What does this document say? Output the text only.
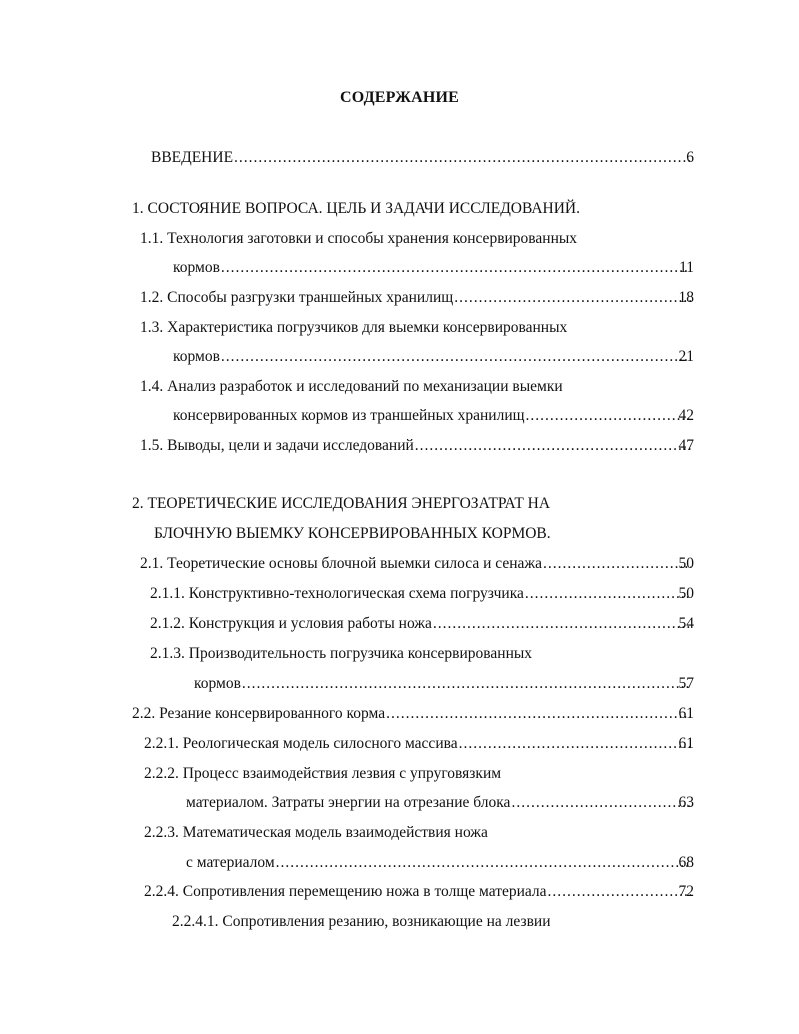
СОДЕРЖАНИЕ
ВВЕДЕНИЕ .....	6
1. СОСТОЯНИЕ ВОПРОСА. ЦЕЛЬ И ЗАДАЧИ ИССЛЕДОВАНИЙ.
1.1. Технология заготовки и способы хранения консервированных
кормов .....	11
1.2. Способы разгрузки траншейных хранилищ .....	18
1.3. Характеристика погрузчиков для выемки консервированных
кормов .....	21
1.4. Анализ разработок и исследований по механизации выемки
консервированных кормов из траншейных хранилищ .....	42
1.5. Выводы, цели и задачи исследований .....	47
2. ТЕОРЕТИЧЕСКИЕ ИССЛЕДОВАНИЯ ЭНЕРГОЗАТРАТ НА
БЛОЧНУЮ ВЫЕМКУ КОНСЕРВИРОВАННЫХ КОРМОВ.
2.1. Теоретические основы блочной выемки силоса и сенажа .....	50
2.1.1. Конструктивно-технологическая схема погрузчика .....	50
2.1.2. Конструкция и условия работы ножа .....	54
2.1.3. Производительность погрузчика консервированных
кормов .....	57
2.2. Резание консервированного корма .....	61
2.2.1. Реологическая модель силосного массива .....	61
2.2.2. Процесс взаимодействия лезвия с упруговязким
материалом. Затраты энергии на отрезание блока .....	63
2.2.3. Математическая модель взаимодействия ножа
с материалом .....	68
2.2.4. Сопротивления перемещению ножа в толще материала .....	72
2.2.4.1. Сопротивления резанию, возникающие на лезвии
